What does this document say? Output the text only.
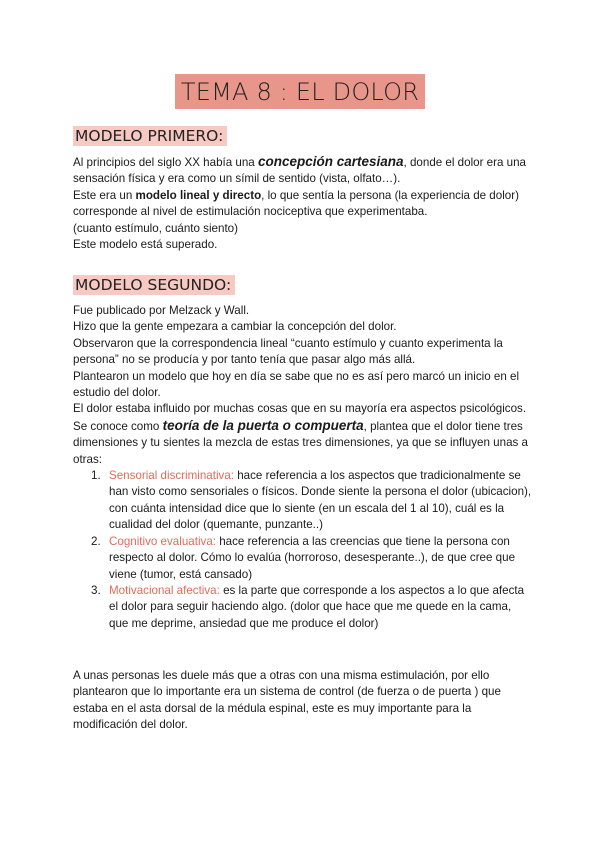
TEMA 8 : EL DOLOR
MODELO PRIMERO:

Al principios del siglo XX había una concepción cartesiana, donde el dolor era una sensación física y era como un símil de sentido (vista, olfato…).

Este era un modelo lineal y directo, lo que sentía la persona (la experiencia de dolor) corresponde al nivel de estimulación nociceptiva que experimentaba.

(cuanto estímulo, cuánto siento)

Este modelo está superado.

MODELO SEGUNDO:

Fue publicado por Melzack y Wall.

Hizo que la gente empezara a cambiar la concepción del dolor.

Observaron que la correspondencia lineal “cuanto estímulo y cuanto experimenta la persona” no se producía y por tanto tenía que pasar algo más allá.

Plantearon un modelo que hoy en día se sabe que no es así pero marcó un inicio en el estudio del dolor.

El dolor estaba influido por muchas cosas que en su mayoría era aspectos psicológicos.

Se conoce como teoría de la puerta o compuerta, plantea que el dolor tiene tres dimensiones y tu sientes la mezcla de estas tres dimensiones, ya que se influyen unas a otras:

1. Sensorial discriminativa: hace referencia a los aspectos que tradicionalmente se han visto como sensoriales o físicos. Donde siente la persona el dolor (ubicacion), con cuánta intensidad dice que lo siente (en un escala del 1 al 10), cuál es la cualidad del dolor (quemante, punzante..)
2. Cognitivo evaluativa: hace referencia a las creencias que tiene la persona con respecto al dolor. Cómo lo evalúa (horroroso, desesperante..), de que cree que viene (tumor, está cansado)
3. Motivacional afectiva: es la parte que corresponde a los aspectos a lo que afecta el dolor para seguir haciendo algo. (dolor que hace que me quede en la cama, que me deprime, ansiedad que me produce el dolor)

A unas personas les duele más que a otras con una misma estimulación, por ello plantearon que lo importante era un sistema de control (de fuerza o de puerta ) que estaba en el asta dorsal de la médula espinal, este es muy importante para la modificación del dolor.
